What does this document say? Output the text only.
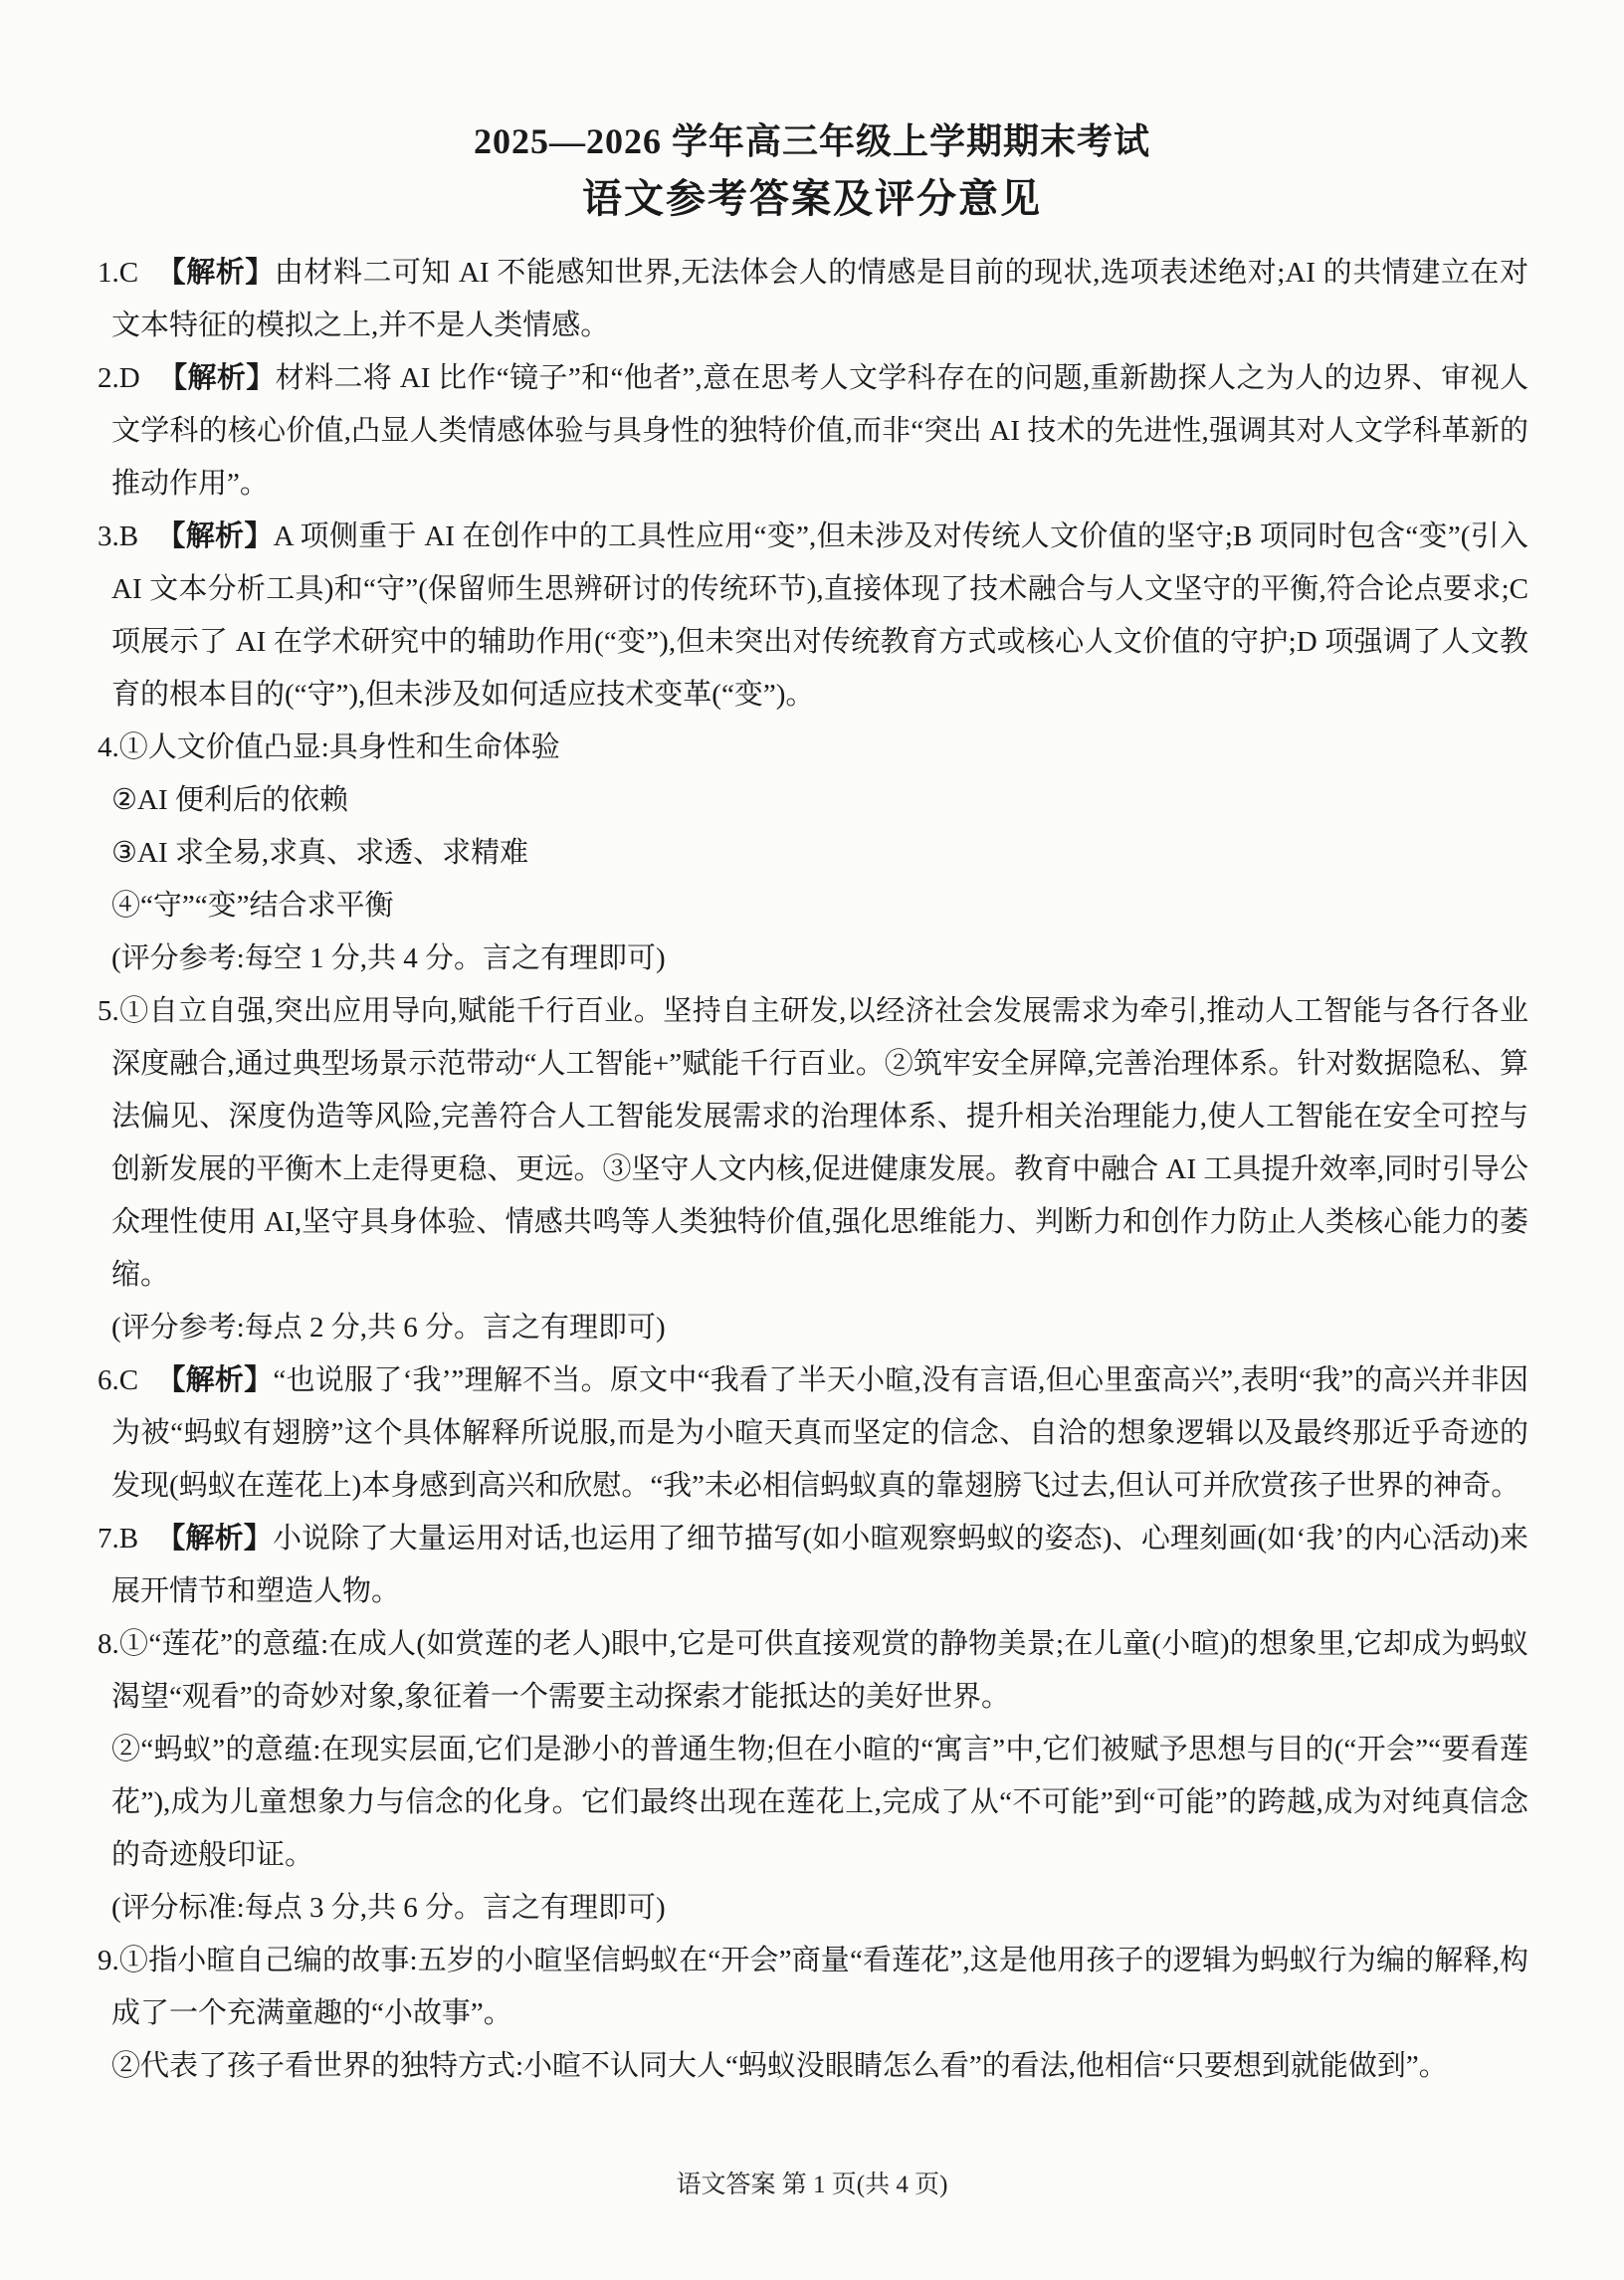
2025—2026 学年高三年级上学期期末考试
语文参考答案及评分意见

1.C 【解析】由材料二可知 AI 不能感知世界,无法体会人的情感是目前的现状,选项表述绝对;AI 的共情建立在对文本特征的模拟之上,并不是人类情感。

2.D 【解析】材料二将 AI 比作“镜子”和“他者”,意在思考人文学科存在的问题,重新勘探人之为人的边界、审视人文学科的核心价值,凸显人类情感体验与具身性的独特价值,而非“突出 AI 技术的先进性,强调其对人文学科革新的推动作用”。

3.B 【解析】A 项侧重于 AI 在创作中的工具性应用“变”,但未涉及对传统人文价值的坚守;B 项同时包含“变”(引入 AI 文本分析工具)和“守”(保留师生思辨研讨的传统环节),直接体现了技术融合与人文坚守的平衡,符合论点要求;C 项展示了 AI 在学术研究中的辅助作用(“变”),但未突出对传统教育方式或核心人文价值的守护;D 项强调了人文教育的根本目的(“守”),但未涉及如何适应技术变革(“变”)。

4.①人文价值凸显:具身性和生命体验

②AI 便利后的依赖

③AI 求全易,求真、求透、求精难

④“守”“变”结合求平衡

(评分参考:每空 1 分,共 4 分。言之有理即可)

5.①自立自强,突出应用导向,赋能千行百业。坚持自主研发,以经济社会发展需求为牵引,推动人工智能与各行各业深度融合,通过典型场景示范带动“人工智能+”赋能千行百业。②筑牢安全屏障,完善治理体系。针对数据隐私、算法偏见、深度伪造等风险,完善符合人工智能发展需求的治理体系、提升相关治理能力,使人工智能在安全可控与创新发展的平衡木上走得更稳、更远。③坚守人文内核,促进健康发展。教育中融合 AI 工具提升效率,同时引导公众理性使用 AI,坚守具身体验、情感共鸣等人类独特价值,强化思维能力、判断力和创作力防止人类核心能力的萎缩。

(评分参考:每点 2 分,共 6 分。言之有理即可)

6.C 【解析】“也说服了‘我’”理解不当。原文中“我看了半天小暄,没有言语,但心里蛮高兴”,表明“我”的高兴并非因为被“蚂蚁有翅膀”这个具体解释所说服,而是为小暄天真而坚定的信念、自洽的想象逻辑以及最终那近乎奇迹的发现(蚂蚁在莲花上)本身感到高兴和欣慰。“我”未必相信蚂蚁真的靠翅膀飞过去,但认可并欣赏孩子世界的神奇。

7.B 【解析】小说除了大量运用对话,也运用了细节描写(如小暄观察蚂蚁的姿态)、心理刻画(如‘我’的内心活动)来展开情节和塑造人物。

8.①“莲花”的意蕴:在成人(如赏莲的老人)眼中,它是可供直接观赏的静物美景;在儿童(小暄)的想象里,它却成为蚂蚁渴望“观看”的奇妙对象,象征着一个需要主动探索才能抵达的美好世界。

②“蚂蚁”的意蕴:在现实层面,它们是渺小的普通生物;但在小暄的“寓言”中,它们被赋予思想与目的(“开会”“要看莲花”),成为儿童想象力与信念的化身。它们最终出现在莲花上,完成了从“不可能”到“可能”的跨越,成为对纯真信念的奇迹般印证。

(评分标准:每点 3 分,共 6 分。言之有理即可)

9.①指小暄自己编的故事:五岁的小暄坚信蚂蚁在“开会”商量“看莲花”,这是他用孩子的逻辑为蚂蚁行为编的解释,构成了一个充满童趣的“小故事”。

②代表了孩子看世界的独特方式:小暄不认同大人“蚂蚁没眼睛怎么看”的看法,他相信“只要想到就能做到”。

语文答案 第 1 页(共 4 页)
